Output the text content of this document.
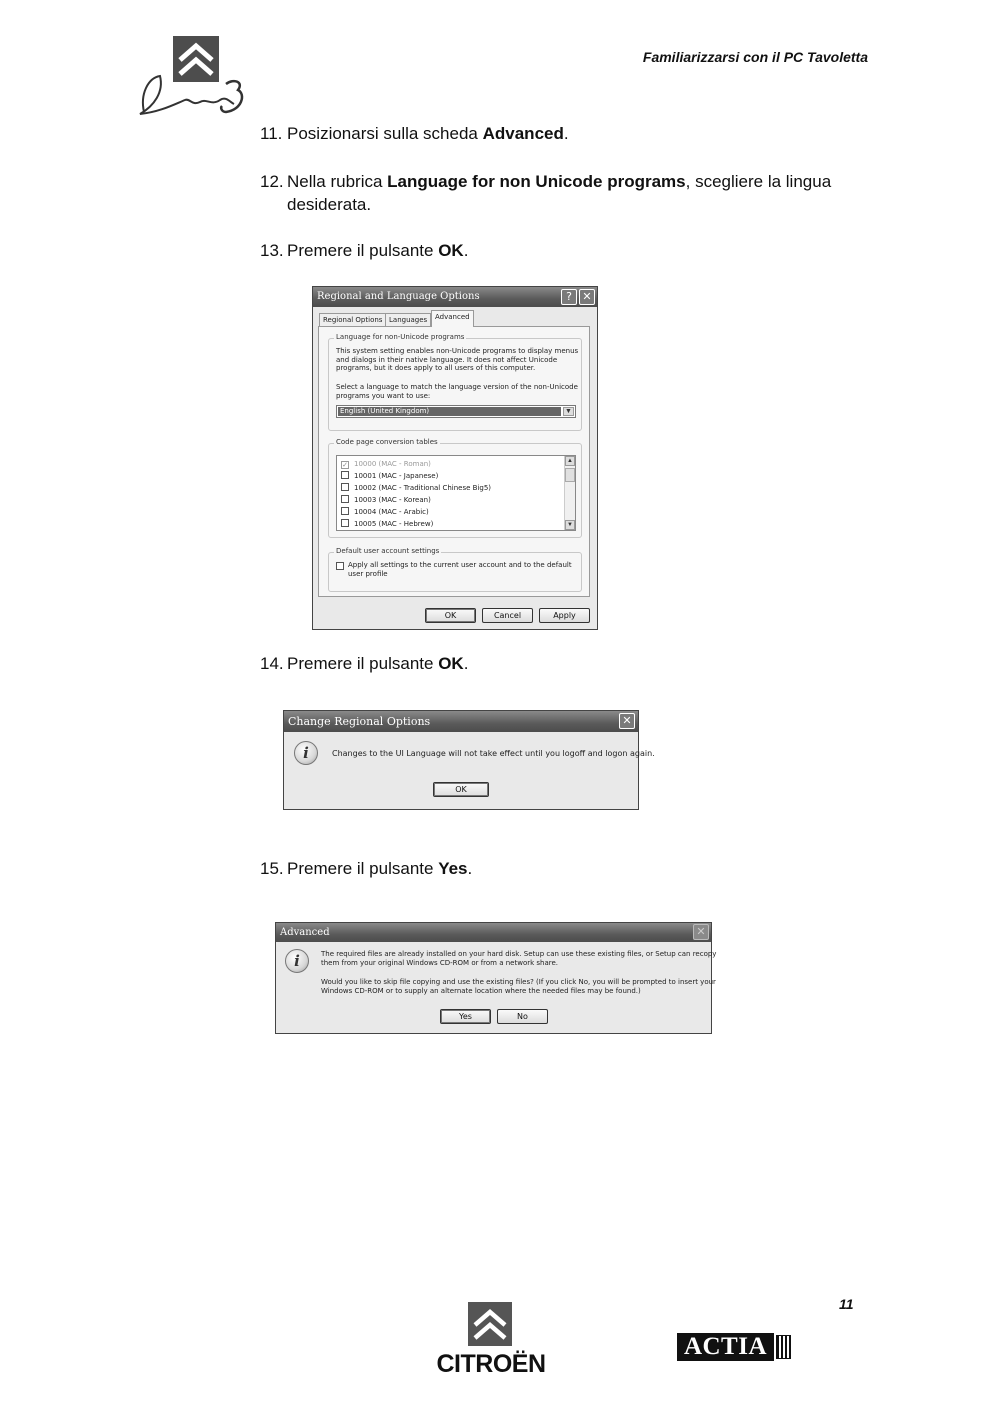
Familiarizzarsi con il PC Tavoletta
11. Posizionarsi sulla scheda Advanced.
12. Nella rubrica Language for non Unicode programs, scegliere la lingua
desiderata.
13. Premere il pulsante OK.
Regional and Language Options	? ✕
Regional Options Languages	Advanced
Language for non-Unicode programs
This system setting enables non-Unicode programs to display menus
and dialogs in their native language. It does not affect Unicode
programs, but it does apply to all users of this computer.
Select a language to match the language version of the non-Unicode
programs you want to use:
English (United Kingdom)	▼
Code page conversion tables
✓ 10000 (MAC - Roman)
10001 (MAC - Japanese)
10002 (MAC - Traditional Chinese Big5)
10003 (MAC - Korean)
10004 (MAC - Arabic)
10005 (MAC - Hebrew)
▲
▼
Default user account settings
Apply all settings to the current user account and to the default
user profile
OK	Cancel	Apply
14. Premere il pulsante OK.
Change Regional Options	✕
i	Changes to the UI Language will not take effect until you logoff and logon again.
OK
15. Premere il pulsante Yes.
Advanced	✕
i	The required files are already installed on your hard disk. Setup can use these existing files, or Setup can recopy
them from your original Windows CD-ROM or from a network share.
Would you like to skip file copying and use the existing files? (If you click No, you will be prompted to insert your
Windows CD-ROM or to supply an alternate location where the needed files may be found.)
Yes	No
11
CITROËN
ACTIA
